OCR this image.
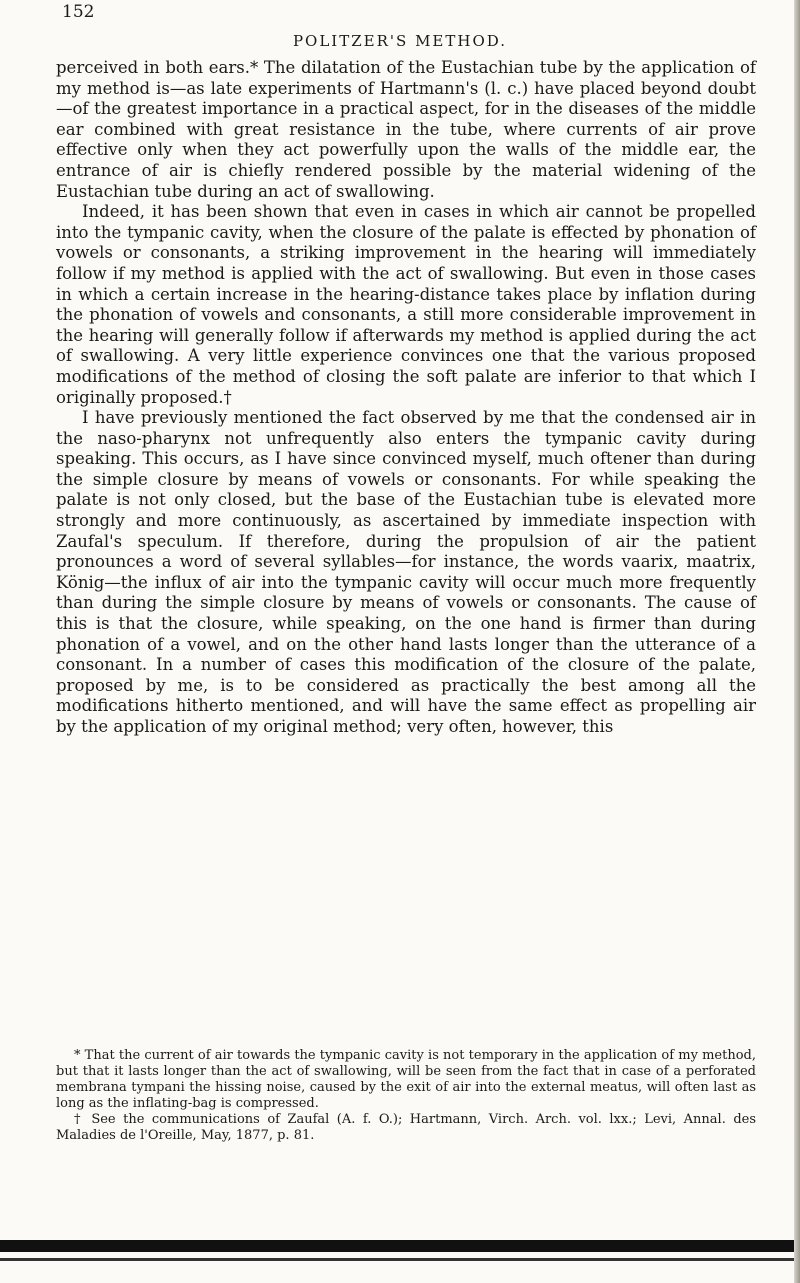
152
POLITZER'S METHOD.

perceived in both ears.* The dilatation of the Eustachian tube by the application of my method is—as late experiments of Hartmann's (l. c.) have placed beyond doubt—of the greatest importance in a practical aspect, for in the diseases of the middle ear combined with great resistance in the tube, where currents of air prove effective only when they act powerfully upon the walls of the middle ear, the entrance of air is chiefly rendered possible by the material widening of the Eustachian tube during an act of swallowing.

Indeed, it has been shown that even in cases in which air cannot be propelled into the tympanic cavity, when the closure of the palate is effected by phonation of vowels or consonants, a striking improvement in the hearing will immediately follow if my method is applied with the act of swallowing. But even in those cases in which a certain increase in the hearing-distance takes place by inflation during the phonation of vowels and consonants, a still more considerable improvement in the hearing will generally follow if afterwards my method is applied during the act of swallowing. A very little experience convinces one that the various proposed modifications of the method of closing the soft palate are inferior to that which I originally proposed.†

I have previously mentioned the fact observed by me that the condensed air in the naso-pharynx not unfrequently also enters the tympanic cavity during speaking. This occurs, as I have since convinced myself, much oftener than during the simple closure by means of vowels or consonants. For while speaking the palate is not only closed, but the base of the Eustachian tube is elevated more strongly and more continuously, as ascertained by immediate inspection with Zaufal's speculum. If therefore, during the propulsion of air the patient pronounces a word of several syllables—for instance, the words vaarix, maatrix, König—the influx of air into the tympanic cavity will occur much more frequently than during the simple closure by means of vowels or consonants. The cause of this is that the closure, while speaking, on the one hand is firmer than during phonation of a vowel, and on the other hand lasts longer than the utterance of a consonant. In a number of cases this modification of the closure of the palate, proposed by me, is to be considered as practically the best among all the modifications hitherto mentioned, and will have the same effect as propelling air by the application of my original method; very often, however, this

* That the current of air towards the tympanic cavity is not temporary in the application of my method, but that it lasts longer than the act of swallowing, will be seen from the fact that in case of a perforated membrana tympani the hissing noise, caused by the exit of air into the external meatus, will often last as long as the inflating-bag is compressed.

† See the communications of Zaufal (A. f. O.); Hartmann, Virch. Arch. vol. lxx.; Levi, Annal. des Maladies de l'Oreille, May, 1877, p. 81.
